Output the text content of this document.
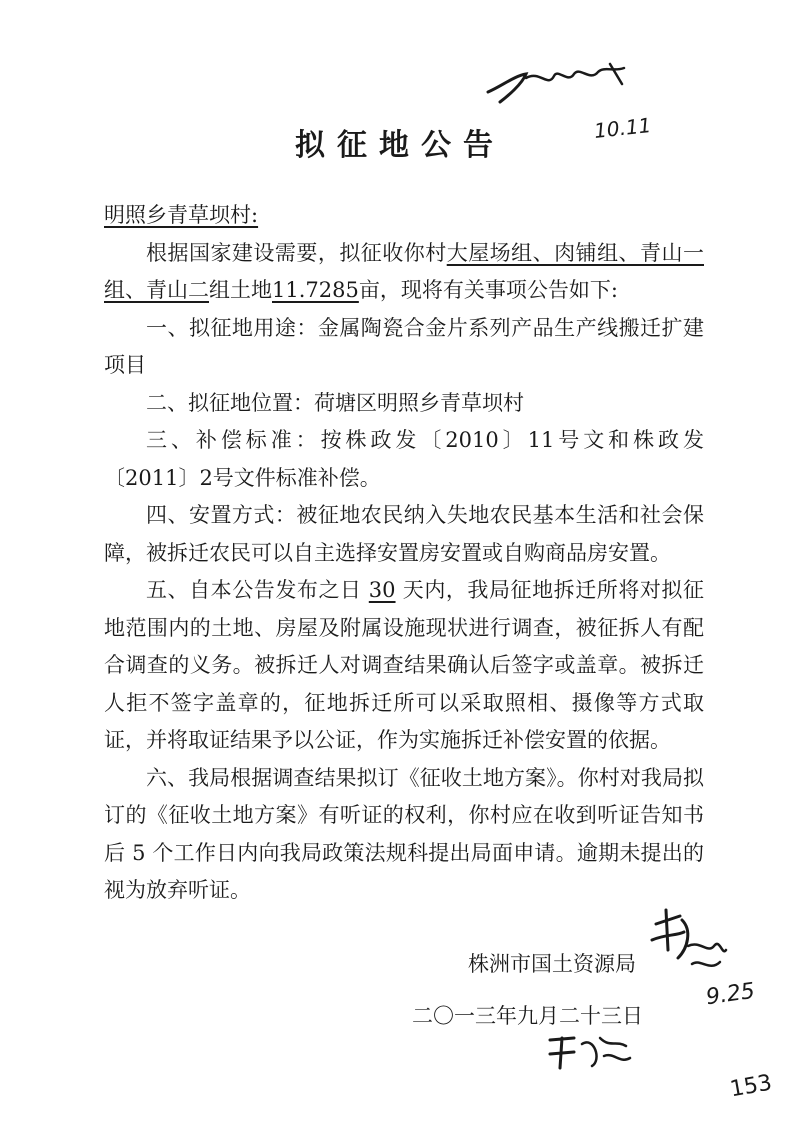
10.11
拟征地公告

明照乡青草坝村:

根据国家建设需要，拟征收你村大屋场组、肉铺组、青山一组、青山二组土地11.7285亩，现将有关事项公告如下:

一、拟征地用途：金属陶瓷合金片系列产品生产线搬迁扩建项目

二、拟征地位置：荷塘区明照乡青草坝村

三、补偿标准：按株政发〔2010〕11号文和株政发〔2011〕2号文件标准补偿。

四、安置方式：被征地农民纳入失地农民基本生活和社会保障，被拆迁农民可以自主选择安置房安置或自购商品房安置。

五、自本公告发布之日 30 天内，我局征地拆迁所将对拟征地范围内的土地、房屋及附属设施现状进行调查，被征拆人有配合调查的义务。被拆迁人对调查结果确认后签字或盖章。被拆迁人拒不签字盖章的，征地拆迁所可以采取照相、摄像等方式取证，并将取证结果予以公证，作为实施拆迁补偿安置的依据。

六、我局根据调查结果拟订《征收土地方案》。你村对我局拟订的《征收土地方案》有听证的权利，你村应在收到听证告知书后 5 个工作日内向我局政策法规科提出局面申请。逾期未提出的视为放弃听证。

株洲市国土资源局
二〇一三年九月二十三日
9.25
153
